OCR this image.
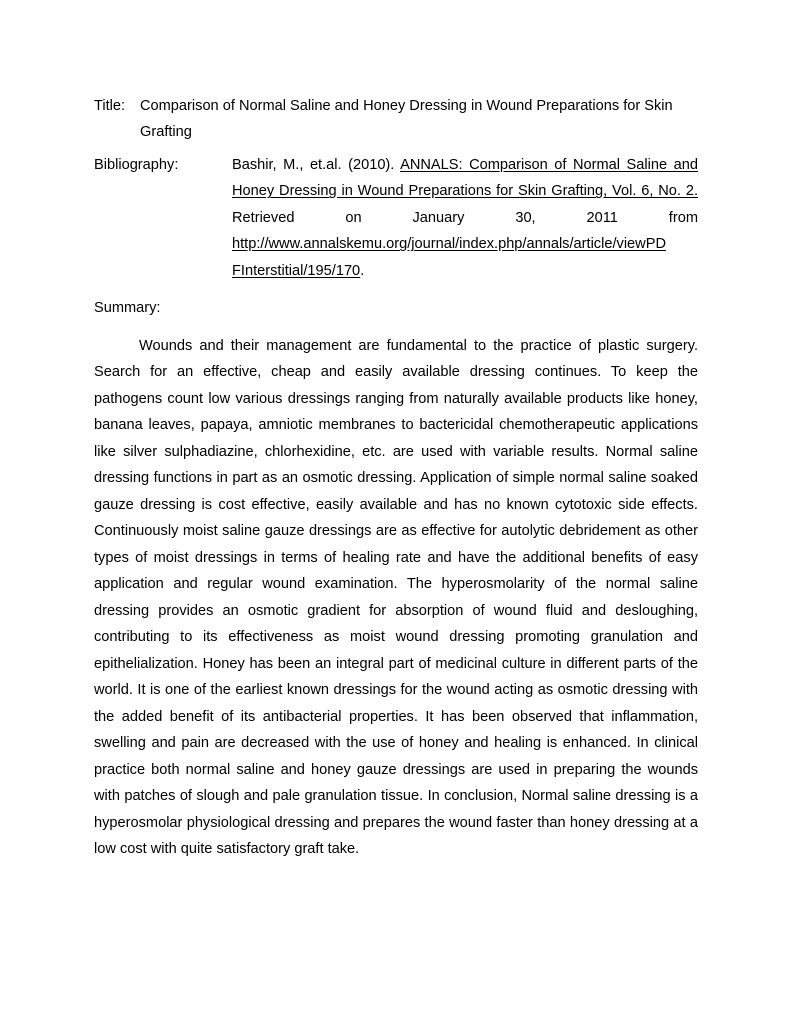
Title:	Comparison of Normal Saline and Honey Dressing in Wound Preparations for Skin Grafting
Bibliography:	Bashir, M., et.al. (2010). ANNALS: Comparison of Normal Saline and Honey Dressing in Wound Preparations for Skin Grafting, Vol. 6, No. 2. Retrieved on January 30, 2011 from
http://www.annalskemu.org/journal/index.php/annals/article/viewPD
FInterstitial/195/170.
Summary:

Wounds and their management are fundamental to the practice of plastic surgery. Search for an effective, cheap and easily available dressing continues. To keep the pathogens count low various dressings ranging from naturally available products like honey, banana leaves, papaya, amniotic membranes to bactericidal chemotherapeutic applications like silver sulphadiazine, chlorhexidine, etc. are used with variable results. Normal saline dressing functions in part as an osmotic dressing. Application of simple normal saline soaked gauze dressing is cost effective, easily available and has no known cytotoxic side effects. Continuously moist saline gauze dressings are as effective for autolytic debridement as other types of moist dressings in terms of healing rate and have the additional benefits of easy application and regular wound examination. The hyperosmolarity of the normal saline dressing provides an osmotic gradient for absorption of wound fluid and desloughing, contributing to its effectiveness as moist wound dressing promoting granulation and epithelialization. Honey has been an integral part of medicinal culture in different parts of the world. It is one of the earliest known dressings for the wound acting as osmotic dressing with the added benefit of its antibacterial properties. It has been observed that inflammation, swelling and pain are decreased with the use of honey and healing is enhanced. In clinical practice both normal saline and honey gauze dressings are used in preparing the wounds with patches of slough and pale granulation tissue. In conclusion, Normal saline dressing is a hyperosmolar physiological dressing and prepares the wound faster than honey dressing at a low cost with quite satisfactory graft take.
